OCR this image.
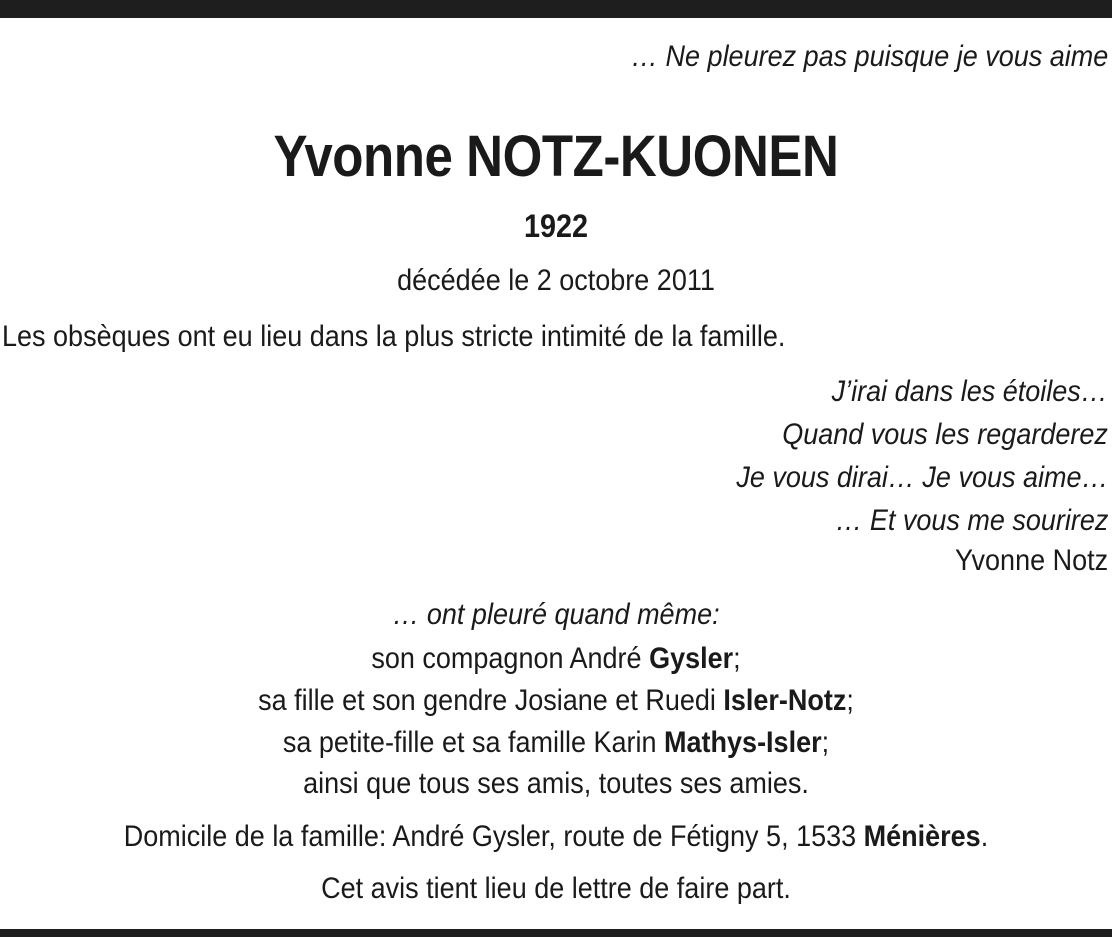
… Ne pleurez pas puisque je vous aime
Yvonne NOTZ-KUONEN
1922
décédée le 2 octobre 2011
Les obsèques ont eu lieu dans la plus stricte intimité de la famille.
J’irai dans les étoiles…
Quand vous les regarderez
Je vous dirai… Je vous aime…
… Et vous me sourirez
Yvonne Notz
… ont pleuré quand même:
son compagnon André Gysler;
sa fille et son gendre Josiane et Ruedi Isler-Notz;
sa petite-fille et sa famille Karin Mathys-Isler;
ainsi que tous ses amis, toutes ses amies.
Domicile de la famille: André Gysler, route de Fétigny 5, 1533 Ménières.
Cet avis tient lieu de lettre de faire part.
